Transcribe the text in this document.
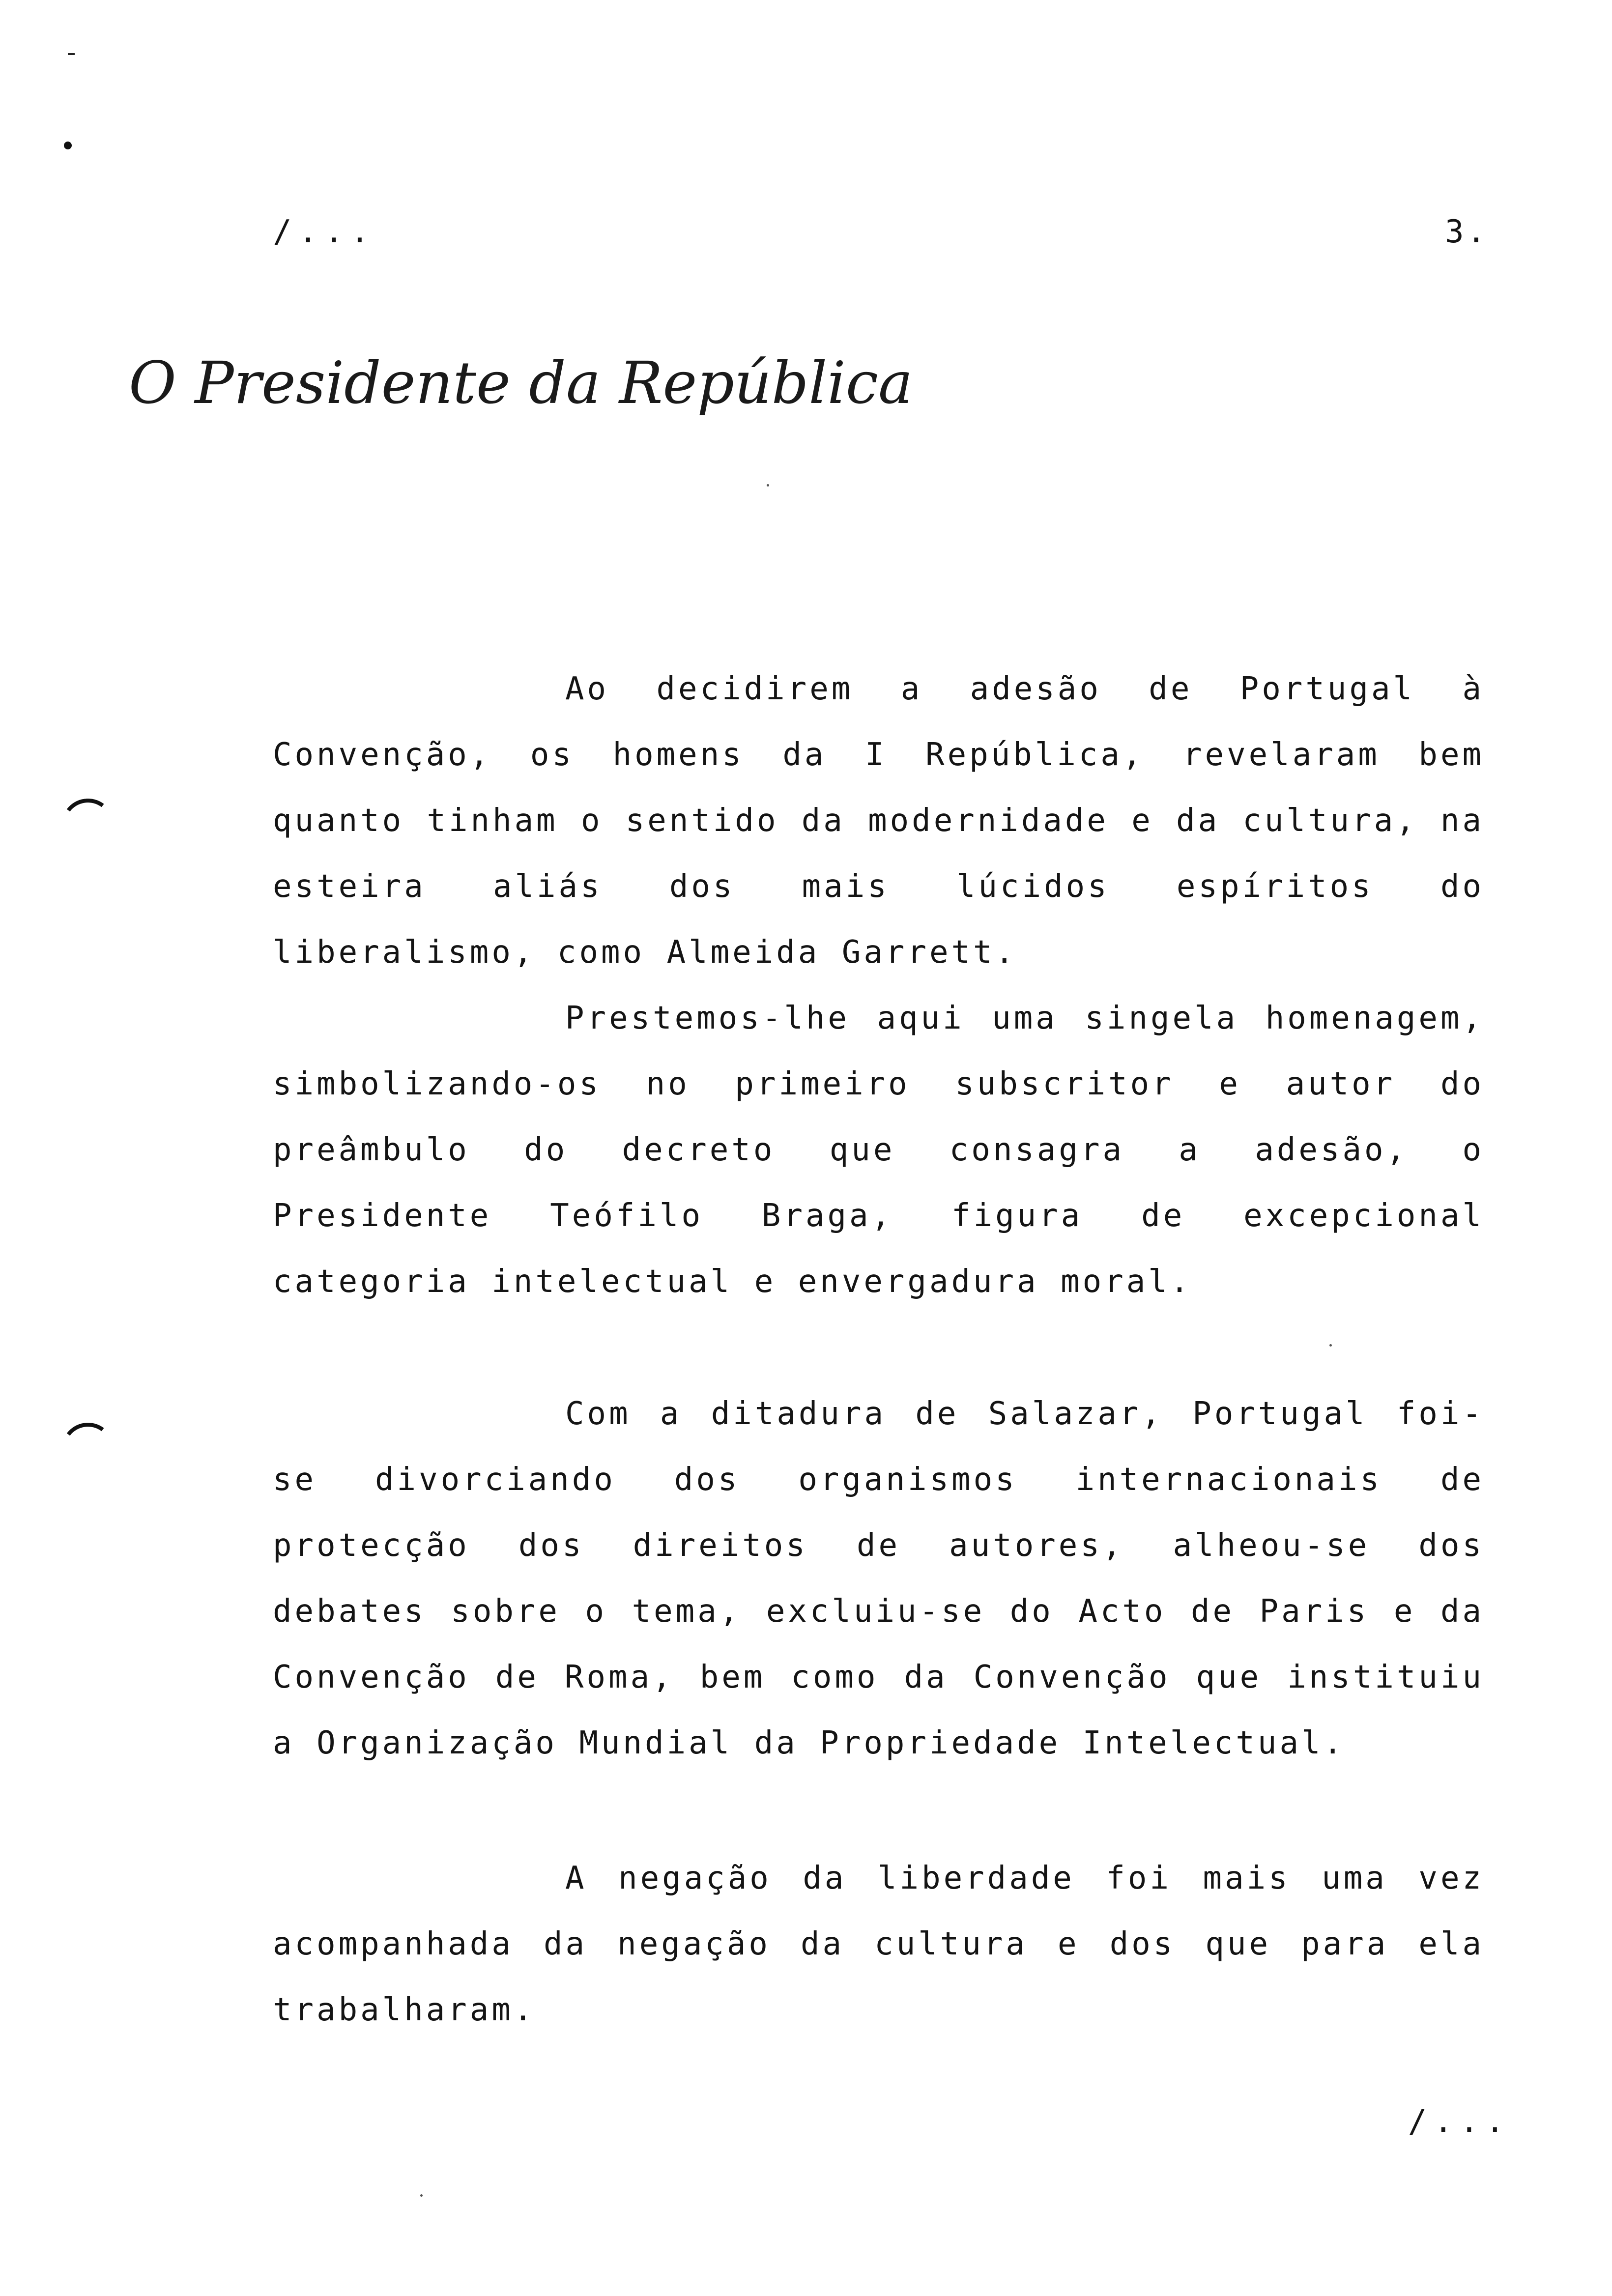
/...	3.
O Presidente da República

Ao decidirem a adesão de Portugal à Convenção, os homens da I República, revelaram bem quanto tinham o sentido da modernidade e da cultura, na esteira aliás dos mais lúcidos espíritos do liberalismo, como Almeida Garrett.

Prestemos-lhe aqui uma singela homenagem, simbolizando-os no primeiro subscritor e autor do preâmbulo do decreto que consagra a adesão, o Presidente Teófilo Braga, figura de excepcional categoria intelectual e envergadura moral.

Com a ditadura de Salazar, Portugal foi-se divorciando dos organismos internacionais de protecção dos direitos de autores, alheou-se dos debates sobre o tema, excluiu-se do Acto de Paris e da Convenção de Roma, bem como da Convenção que instituiu a Organização Mundial da Propriedade Intelectual.

A negação da liberdade foi mais uma vez acompanhada da negação da cultura e dos que para ela trabalharam.

/...
